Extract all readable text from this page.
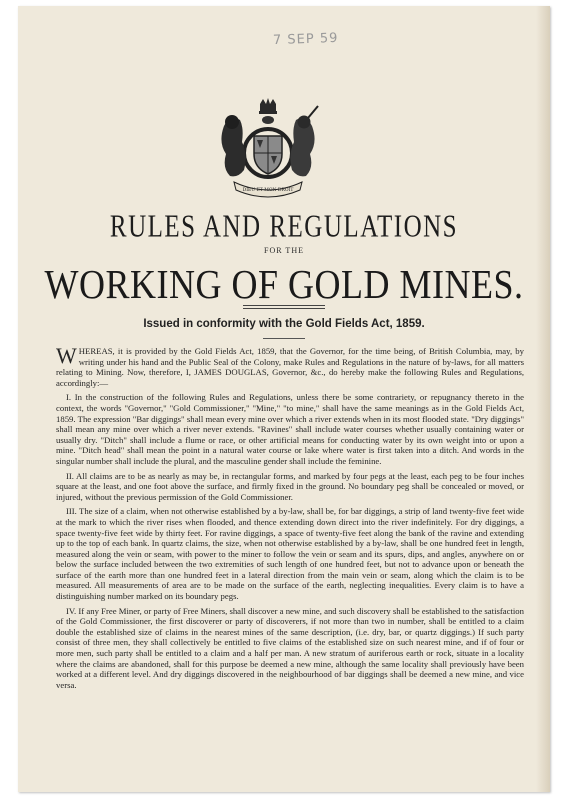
7 SEP 59
DIEU ET MON DROIT
RULES AND REGULATIONS
FOR THE
WORKING OF GOLD MINES.
Issued in conformity with the Gold Fields Act, 1859.

WHEREAS, it is provided by the Gold Fields Act, 1859, that the Governor, for the time being, of British Columbia, may, by writing under his hand and the Public Seal of the Colony, make Rules and Regulations in the nature of by-laws, for all matters relating to Mining. Now, therefore, I, JAMES DOUGLAS, Governor, &c., do hereby make the following Rules and Regulations, accordingly:—

I. In the construction of the following Rules and Regulations, unless there be some contrariety, or repugnancy thereto in the context, the words "Governor," "Gold Commissioner," "Mine," "to mine," shall have the same meanings as in the Gold Fields Act, 1859. The expression "Bar diggings" shall mean every mine over which a river extends when in its most flooded state. "Dry diggings" shall mean any mine over which a river never extends. "Ravines" shall include water courses whether usually containing water or usually dry. "Ditch" shall include a flume or race, or other artificial means for conducting water by its own weight into or upon a mine. "Ditch head" shall mean the point in a natural water course or lake where water is first taken into a ditch. And words in the singular number shall include the plural, and the masculine gender shall include the feminine.

II. All claims are to be as nearly as may be, in rectangular forms, and marked by four pegs at the least, each peg to be four inches square at the least, and one foot above the surface, and firmly fixed in the ground. No boundary peg shall be concealed or moved, or injured, without the previous permission of the Gold Commissioner.

III. The size of a claim, when not otherwise established by a by-law, shall be, for bar diggings, a strip of land twenty-five feet wide at the mark to which the river rises when flooded, and thence extending down direct into the river indefinitely. For dry diggings, a space twenty-five feet wide by thirty feet. For ravine diggings, a space of twenty-five feet along the bank of the ravine and extending up to the top of each bank. In quartz claims, the size, when not otherwise established by a by-law, shall be one hundred feet in length, measured along the vein or seam, with power to the miner to follow the vein or seam and its spurs, dips, and angles, anywhere on or below the surface included between the two extremities of such length of one hundred feet, but not to advance upon or beneath the surface of the earth more than one hundred feet in a lateral direction from the main vein or seam, along which the claim is to be measured. All measurements of area are to be made on the surface of the earth, neglecting inequalities. Every claim is to have a distinguishing number marked on its boundary pegs.

IV. If any Free Miner, or party of Free Miners, shall discover a new mine, and such discovery shall be established to the satisfaction of the Gold Commissioner, the first discoverer or party of discoverers, if not more than two in number, shall be entitled to a claim double the established size of claims in the nearest mines of the same description, (i.e. dry, bar, or quartz diggings.) If such party consist of three men, they shall collectively be entitled to five claims of the established size on such nearest mine, and if of four or more men, such party shall be entitled to a claim and a half per man. A new stratum of auriferous earth or rock, situate in a locality where the claims are abandoned, shall for this purpose be deemed a new mine, although the same locality shall previously have been worked at a different level. And dry diggings discovered in the neighbourhood of bar diggings shall be deemed a new mine, and vice versa.
